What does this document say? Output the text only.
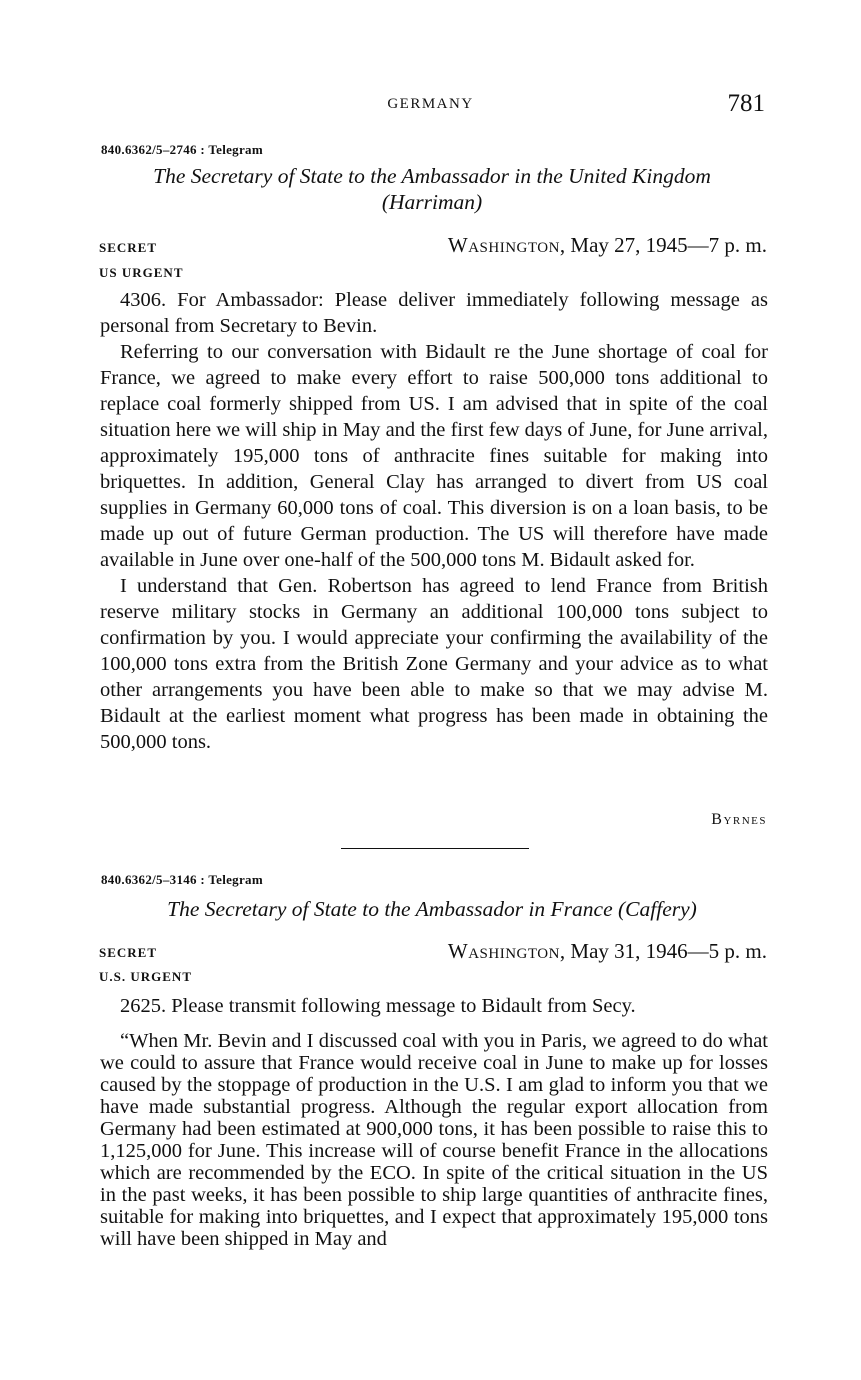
GERMANY	781
840.6362/5–2746 : Telegram
The Secretary of State to the Ambassador in the United Kingdom
(Harriman)
SECRET	Washington, May 27, 1945—7 p. m.
US URGENT

4306. For Ambassador: Please deliver immediately following message as personal from Secretary to Bevin.

Referring to our conversation with Bidault re the June shortage of coal for France, we agreed to make every effort to raise 500,000 tons additional to replace coal formerly shipped from US. I am advised that in spite of the coal situation here we will ship in May and the first few days of June, for June arrival, approximately 195,000 tons of anthracite fines suitable for making into briquettes. In addition, General Clay has arranged to divert from US coal supplies in Germany 60,000 tons of coal. This diversion is on a loan basis, to be made up out of future German production. The US will therefore have made available in June over one-half of the 500,000 tons M. Bidault asked for.

I understand that Gen. Robertson has agreed to lend France from British reserve military stocks in Germany an additional 100,000 tons subject to confirmation by you. I would appreciate your confirming the availability of the 100,000 tons extra from the British Zone Germany and your advice as to what other arrangements you have been able to make so that we may advise M. Bidault at the earliest moment what progress has been made in obtaining the 500,000 tons.

Byrnes
840.6362/5–3146 : Telegram
The Secretary of State to the Ambassador in France (Caffery)
SECRET	Washington, May 31, 1946—5 p. m.
U.S. URGENT

2625. Please transmit following message to Bidault from Secy.

“When Mr. Bevin and I discussed coal with you in Paris, we agreed to do what we could to assure that France would receive coal in June to make up for losses caused by the stoppage of production in the U.S. I am glad to inform you that we have made substantial progress. Although the regular export allocation from Germany had been estimated at 900,000 tons, it has been possible to raise this to 1,125,000 for June. This increase will of course benefit France in the allocations which are recommended by the ECO. In spite of the critical situation in the US in the past weeks, it has been possible to ship large quantities of anthracite fines, suitable for making into briquettes, and I expect that approximately 195,000 tons will have been shipped in May and
